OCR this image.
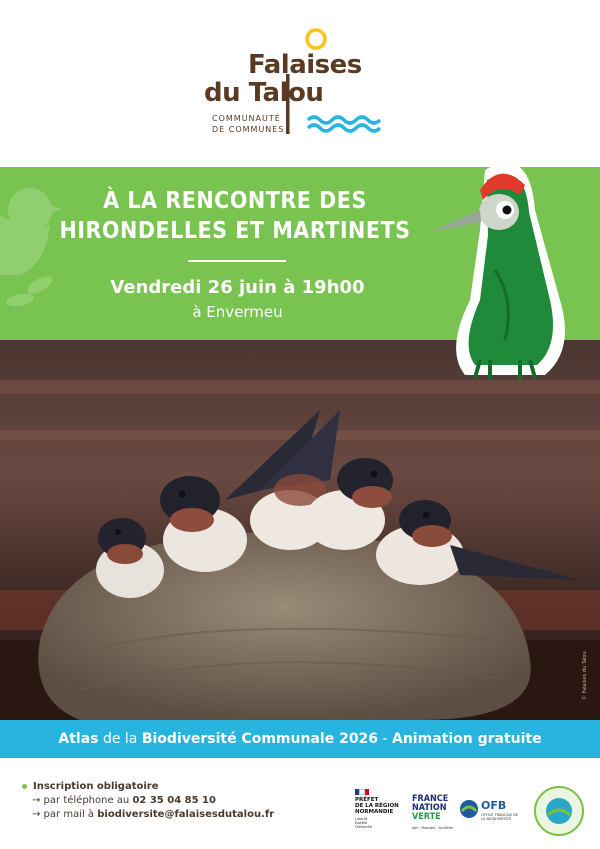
Falaises
du Talou
COMMUNAUTÉ
DE COMMUNES
À LA RENCONTRE DES
HIRONDELLES ET MARTINETS
Vendredi 26 juin à 19h00
à Envermeu
© Falaises du Talou
Atlas de la Biodiversité Communale 2026 - Animation gratuite
Inscription obligatoire
→ par téléphone au 02 35 04 85 10
→ par mail à biodiversite@falaisesdutalou.fr
PRÉFET
DE LA RÉGION
NORMANDIE
Liberté
Égalité
Fraternité
FRANCE
NATION
VERTE
Agir · Mobiliser · Accélérer
OFB
OFFICE FRANÇAIS DE LA BIODIVERSITÉ
